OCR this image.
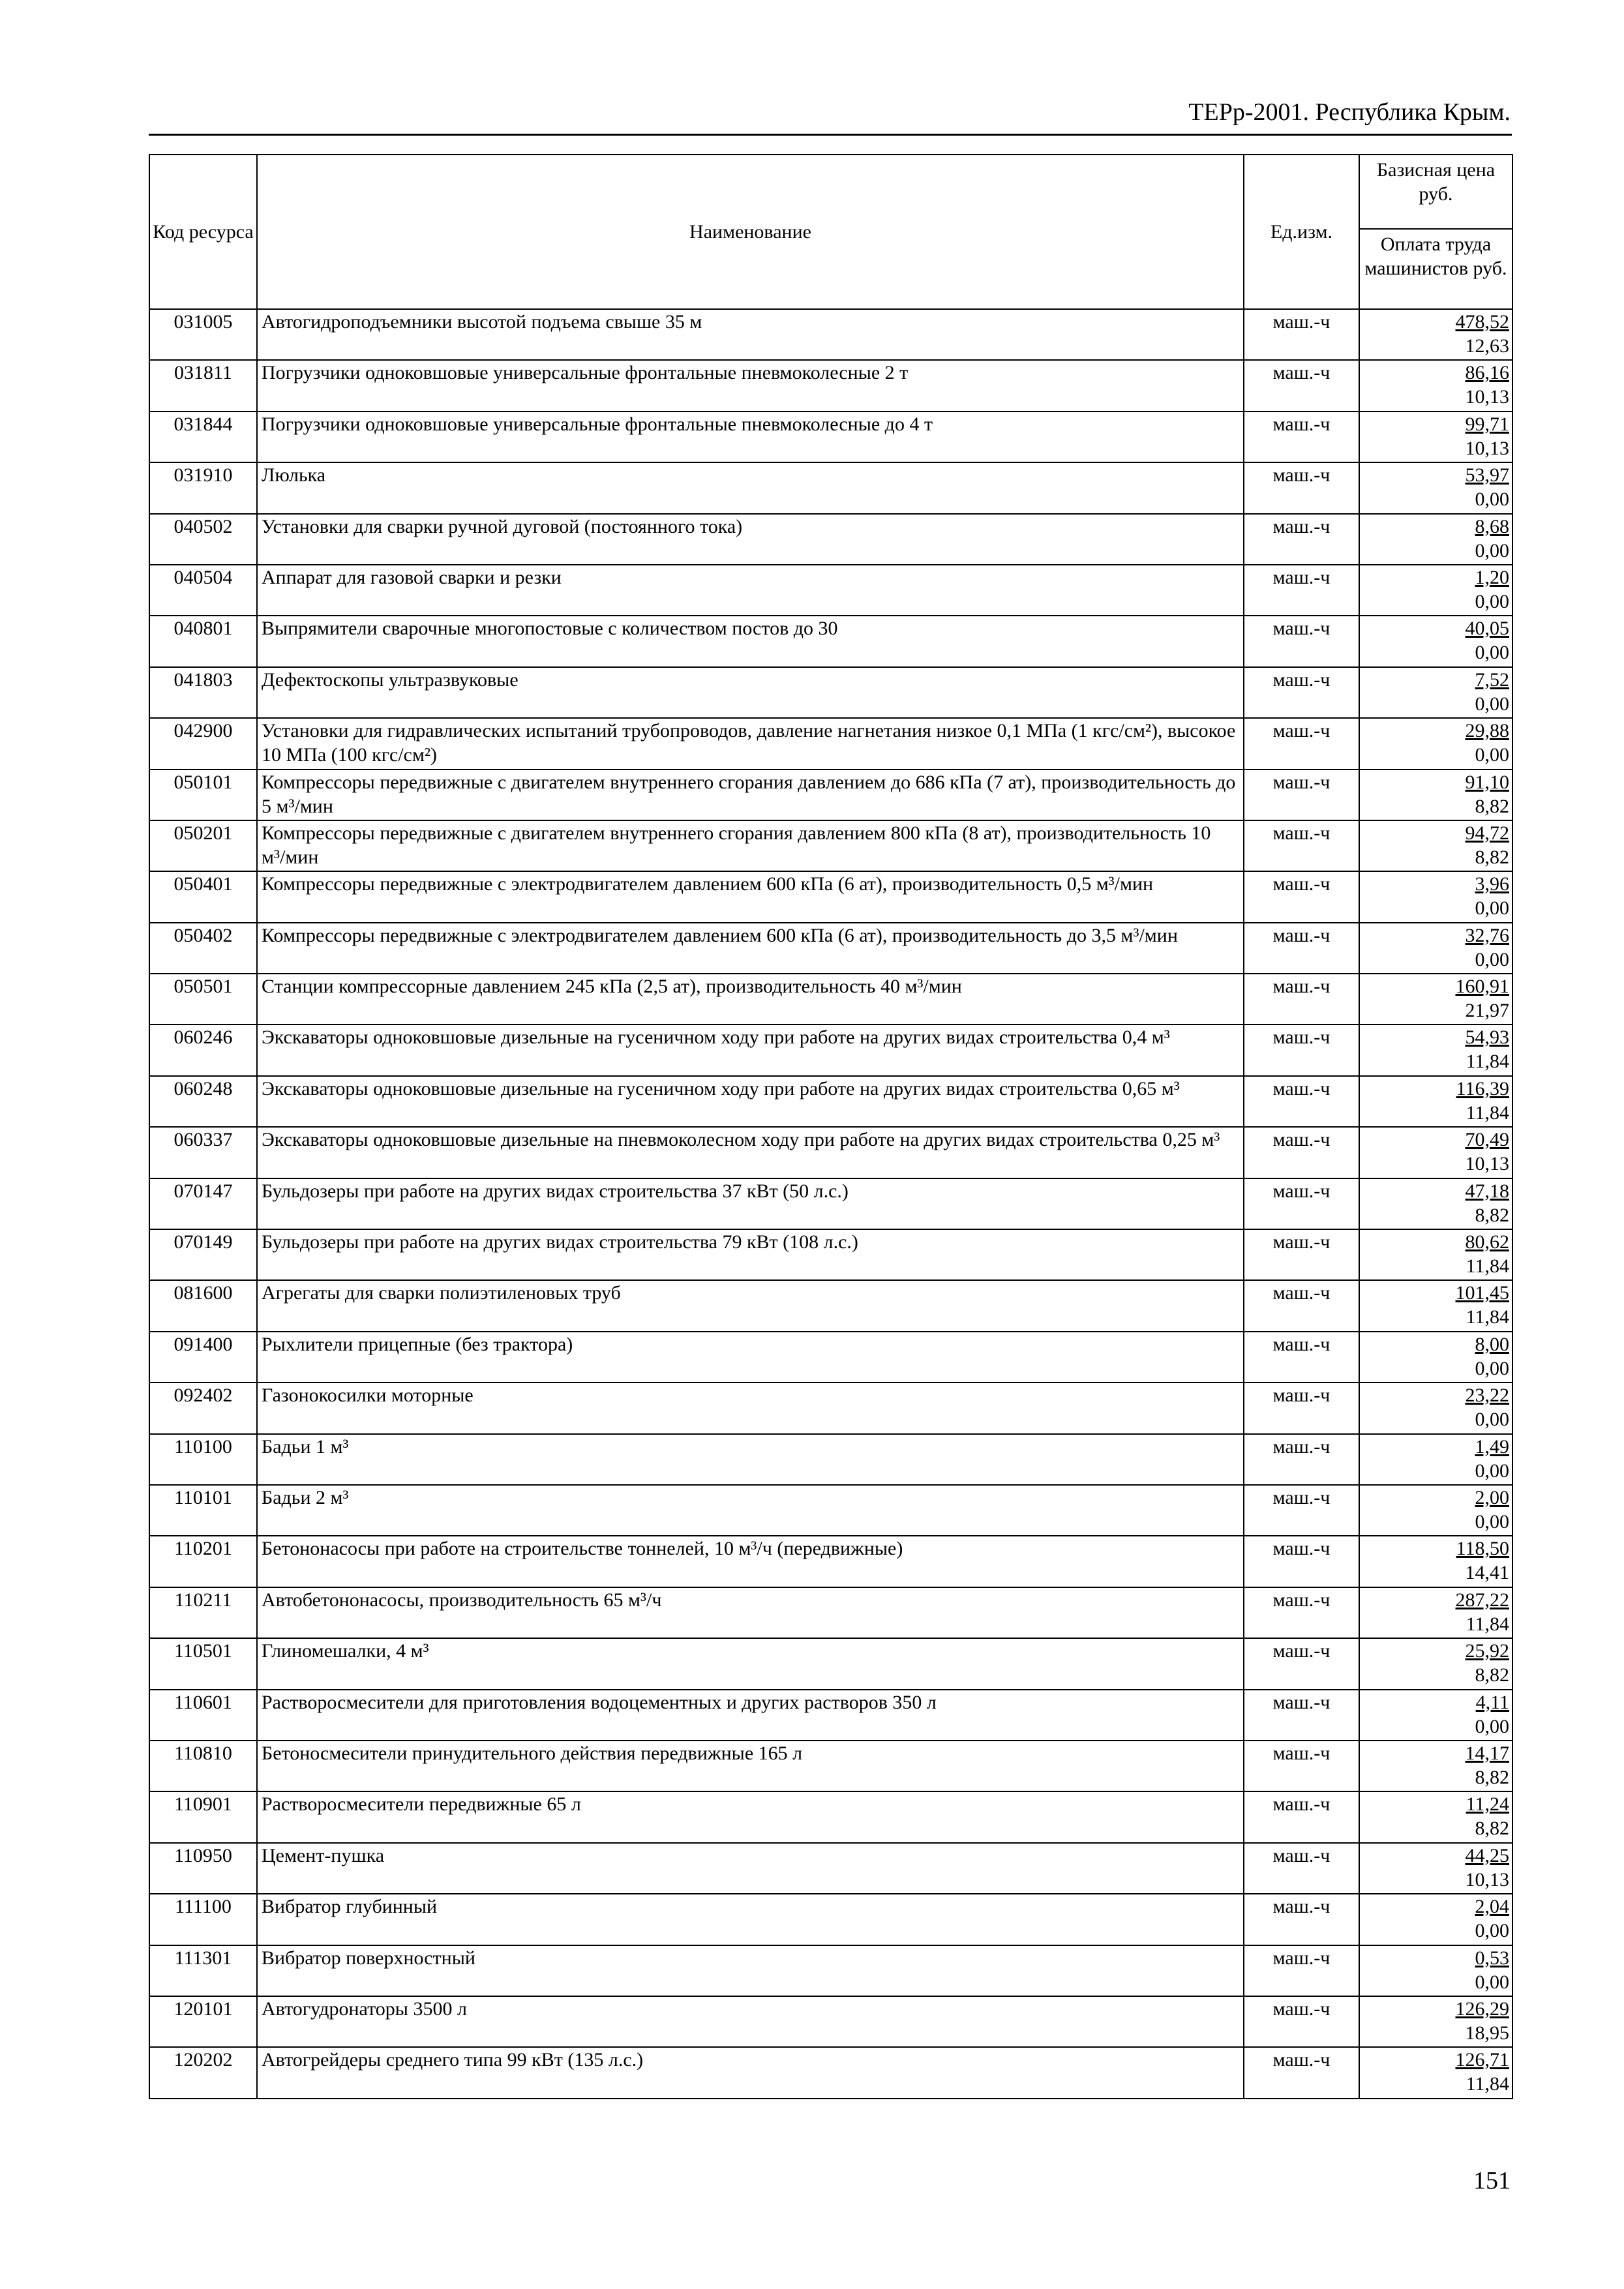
ТЕРр-2001. Республика Крым.
Код ресурса	Наименование	Ед.изм.	Базисная цена руб.
			Оплата труда машинистов руб.
031005	Автогидроподъемники высотой подъема свыше 35 м	маш.-ч	478,52
12,63

031811	Погрузчики одноковшовые универсальные фронтальные пневмоколесные 2 т	маш.-ч	86,16
10,13

031844	Погрузчики одноковшовые универсальные фронтальные пневмоколесные до 4 т	маш.-ч	99,71
10,13

031910	Люлька	маш.-ч	53,97
0,00

040502	Установки для сварки ручной дуговой (постоянного тока)	маш.-ч	8,68
0,00

040504	Аппарат для газовой сварки и резки	маш.-ч	1,20
0,00

040801	Выпрямители сварочные многопостовые с количеством постов до 30	маш.-ч	40,05
0,00

041803	Дефектоскопы ультразвуковые	маш.-ч	7,52
0,00

042900	Установки для гидравлических испытаний трубопроводов, давление нагнетания низкое 0,1 МПа (1 кгс/см²), высокое 10 МПа (100 кгс/см²)	маш.-ч	29,88
0,00

050101	Компрессоры передвижные с двигателем внутреннего сгорания давлением до 686 кПа (7 ат), производительность до 5 м³/мин	маш.-ч	91,10
8,82

050201	Компрессоры передвижные с двигателем внутреннего сгорания давлением 800 кПа (8 ат), производительность 10 м³/мин	маш.-ч	94,72
8,82

050401	Компрессоры передвижные с электродвигателем давлением 600 кПа (6 ат), производительность 0,5 м³/мин	маш.-ч	3,96
0,00

050402	Компрессоры передвижные с электродвигателем давлением 600 кПа (6 ат), производительность до 3,5 м³/мин	маш.-ч	32,76
0,00

050501	Станции компрессорные давлением 245 кПа (2,5 ат), производительность 40 м³/мин	маш.-ч	160,91
21,97

060246	Экскаваторы одноковшовые дизельные на гусеничном ходу при работе на других видах строительства 0,4 м³	маш.-ч	54,93
11,84

060248	Экскаваторы одноковшовые дизельные на гусеничном ходу при работе на других видах строительства 0,65 м³	маш.-ч	116,39
11,84

060337	Экскаваторы одноковшовые дизельные на пневмоколесном ходу при работе на других видах строительства 0,25 м³	маш.-ч	70,49
10,13

070147	Бульдозеры при работе на других видах строительства 37 кВт (50 л.с.)	маш.-ч	47,18
8,82

070149	Бульдозеры при работе на других видах строительства 79 кВт (108 л.с.)	маш.-ч	80,62
11,84

081600	Агрегаты для сварки полиэтиленовых труб	маш.-ч	101,45
11,84

091400	Рыхлители прицепные (без трактора)	маш.-ч	8,00
0,00

092402	Газонокосилки моторные	маш.-ч	23,22
0,00

110100	Бадьи 1 м³	маш.-ч	1,49
0,00

110101	Бадьи 2 м³	маш.-ч	2,00
0,00

110201	Бетононасосы при работе на строительстве тоннелей, 10 м³/ч (передвижные)	маш.-ч	118,50
14,41

110211	Автобетононасосы, производительность 65 м³/ч	маш.-ч	287,22
11,84

110501	Глиномешалки, 4 м³	маш.-ч	25,92
8,82

110601	Растворосмесители для приготовления водоцементных и других растворов 350 л	маш.-ч	4,11
0,00

110810	Бетоносмесители принудительного действия передвижные 165 л	маш.-ч	14,17
8,82

110901	Растворосмесители передвижные 65 л	маш.-ч	11,24
8,82

110950	Цемент-пушка	маш.-ч	44,25
10,13

111100	Вибратор глубинный	маш.-ч	2,04
0,00

111301	Вибратор поверхностный	маш.-ч	0,53
0,00

120101	Автогудронаторы 3500 л	маш.-ч	126,29
18,95

120202	Автогрейдеры среднего типа 99 кВт (135 л.с.)	маш.-ч	126,71
11,84
151
